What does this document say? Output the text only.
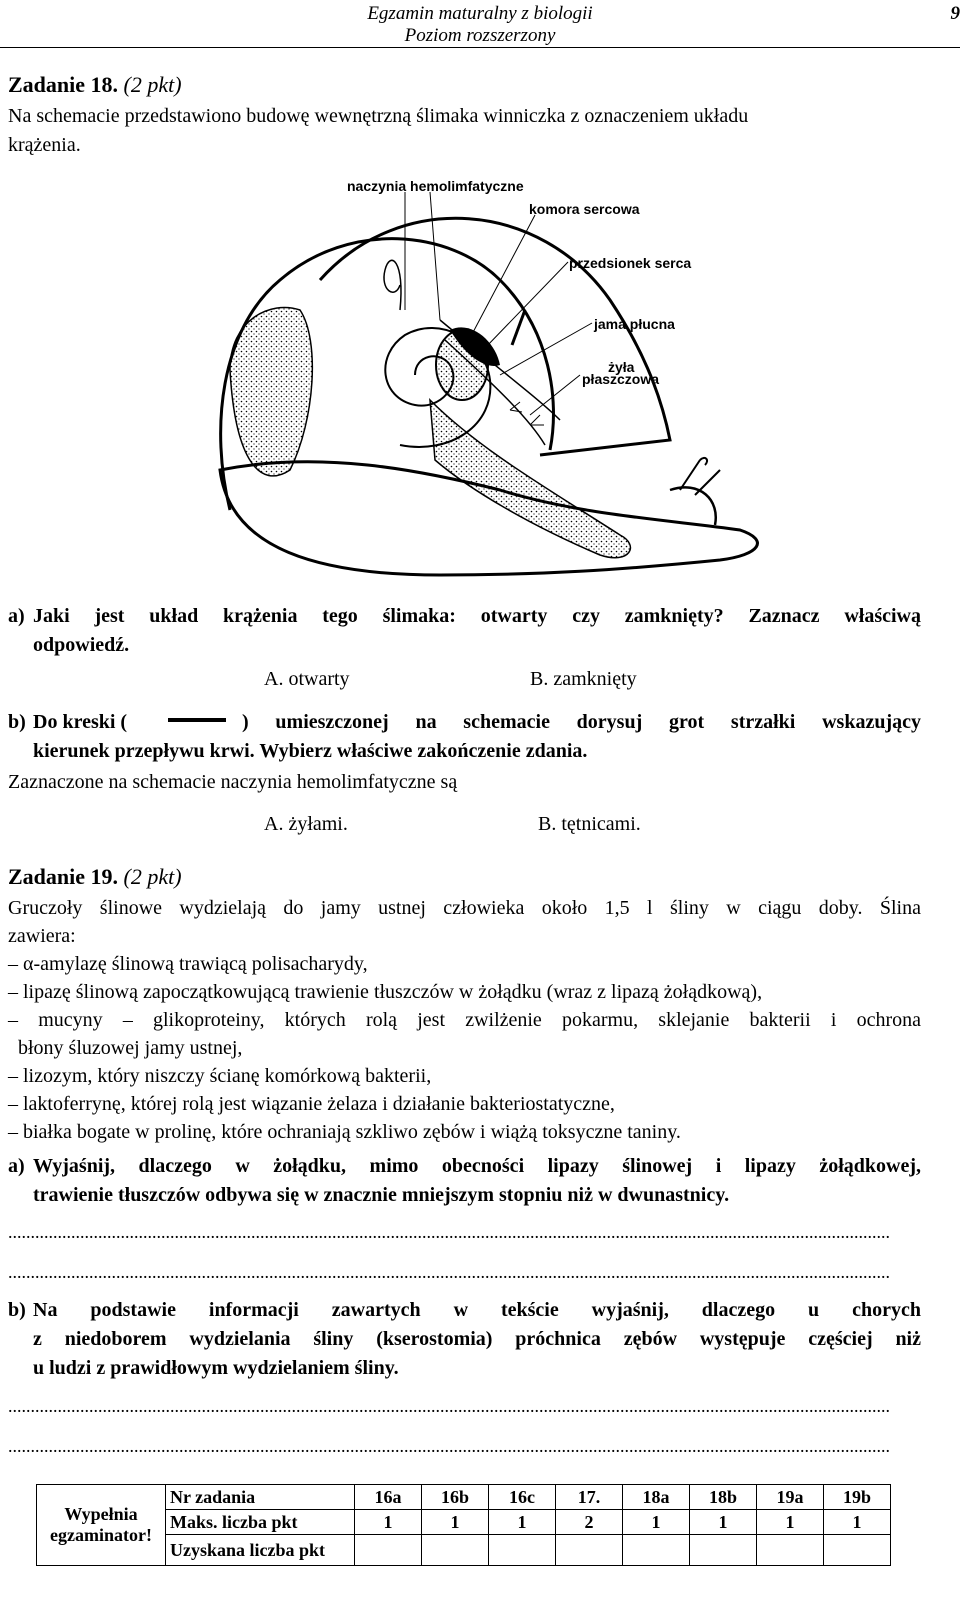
Egzamin maturalny z biologii
Poziom rozszerzony
9
Zadanie 18. (2 pkt)
Na schemacie przedstawiono budowę wewnętrzną ślimaka winniczka z oznaczeniem układu
krążenia.
naczynia hemolimfatyczne
komora sercowa
przedsionek serca
jama płucna
żyła
płaszczowa
a) Jaki jest układ krążenia tego ślimaka: otwarty czy zamknięty? Zaznacz właściwą
odpowiedź.
A. otwarty	B. zamknięty
b) Do kreski (	) umieszczonej na schemacie dorysuj grot strzałki wskazujący
kierunek przepływu krwi. Wybierz właściwe zakończenie zdania.
Zaznaczone na schemacie naczynia hemolimfatyczne są
A. żyłami.	B. tętnicami.
Zadanie 19. (2 pkt)
Gruczoły ślinowe wydzielają do jamy ustnej człowieka około 1,5 l śliny w ciągu doby. Ślina
zawiera:
– α-amylazę ślinową trawiącą polisacharydy,
– lipazę ślinową zapoczątkowującą trawienie tłuszczów w żołądku (wraz z lipazą żołądkową),
– mucyny – glikoproteiny, których rolą jest zwilżenie pokarmu, sklejanie bakterii i ochrona
błony śluzowej jamy ustnej,
– lizozym, który niszczy ścianę komórkową bakterii,
– laktoferrynę, której rolą jest wiązanie żelaza i działanie bakteriostatyczne,
– białka bogate w prolinę, które ochraniają szkliwo zębów i wiążą toksyczne taniny.
a) Wyjaśnij, dlaczego w żołądku, mimo obecności lipazy ślinowej i lipazy żołądkowej,
trawienie tłuszczów odbywa się w znacznie mniejszym stopniu niż w dwunastnicy.
....................................................................................................................................................................................................
....................................................................................................................................................................................................
b) Na podstawie informacji zawartych w tekście wyjaśnij, dlaczego u chorych
z niedoborem wydzielania śliny (kserostomia) próchnica zębów występuje częściej niż
u ludzi z prawidłowym wydzielaniem śliny.
....................................................................................................................................................................................................
....................................................................................................................................................................................................
Wypełnia
egzaminator!	Nr zadania	16a	16b	16c	17.	18a	18b	19a	19b
	Maks. liczba pkt	1	1	1	2	1	1	1	1
	Uzyskana liczba pkt								
